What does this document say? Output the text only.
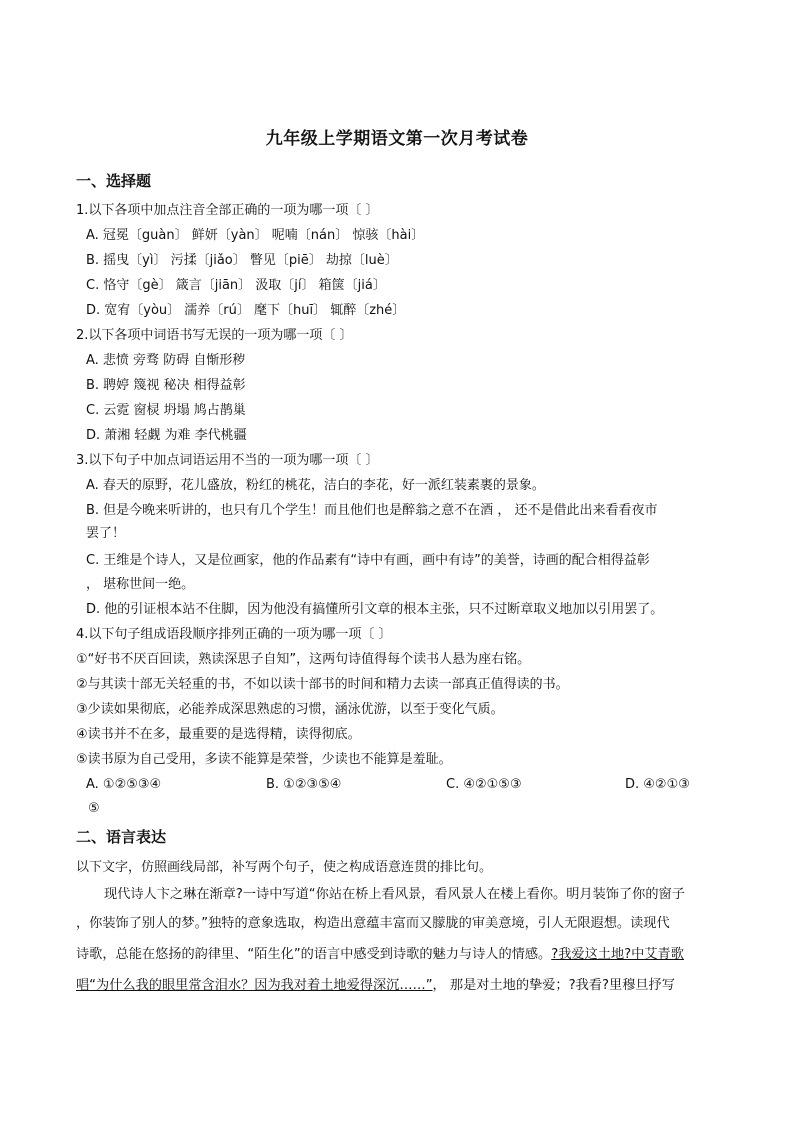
九年级上学期语文第一次月考试卷
一、选择题
1.以下各项中加点注音全部正确的一项为哪一项〔 〕
A. 冠冕〔guàn〕 鲜妍〔yàn〕 呢喃〔nán〕 惊骇〔hài〕
B. 摇曳〔yì〕 污揉〔jiǎo〕 瞥见〔piē〕 劫掠〔luè〕
C. 恪守〔gè〕 箴言〔jiān〕 汲取〔jí〕 箱箧〔jiá〕
D. 宽宥〔yòu〕 濡养〔rú〕 麾下〔huī〕 辄醉〔zhé〕
2.以下各项中词语书写无误的一项为哪一项〔 〕
A. 悲愤 旁骛 防碍 自惭形秽
B. 聘婷 篾视 秘决 相得益彰
C. 云霓 窗棂 坍塌 鸠占鹊巢
D. 萧湘 轻觑 为难 李代桃疆
3.以下句子中加点词语运用不当的一项为哪一项〔 〕
A. 春天的原野，花儿盛放，粉红的桃花，洁白的李花，好一派红装素裹的景象。
B. 但是今晚来听讲的，也只有几个学生！而且他们也是醉翁之意不在酒 ， 还不是借此出来看看夜市
罢了！
C. 王维是个诗人，又是位画家，他的作品素有“诗中有画，画中有诗”的美誉，诗画的配合相得益彰
， 堪称世间一绝。
D. 他的引证根本站不住脚，因为他没有搞懂所引文章的根本主张，只不过断章取义地加以引用罢了。
4.以下句子组成语段顺序排列正确的一项为哪一项〔 〕
①“好书不厌百回读，熟读深思子自知”，这两句诗值得每个读书人悬为座右铭。
②与其读十部无关轻重的书，不如以读十部书的时间和精力去读一部真正值得读的书。
③少读如果彻底，必能养成深思熟虑的习惯，涵泳优游，以至于变化气质。
④读书并不在多，最重要的是选得精，读得彻底。
⑤读书原为自己受用，多读不能算是荣誉，少读也不能算是羞耻。
A. ①②⑤③④	B. ①②③⑤④	C. ④②①⑤③	D. ④②①③
⑤
二、语言表达
以下文字，仿照画线局部，补写两个句子，使之构成语意连贯的排比句。
现代诗人卞之琳在渐章?一诗中写道“你站在桥上看风景，看风景人在楼上看你。明月装饰了你的窗子
，你装饰了别人的梦。”独特的意象选取，构造出意蕴丰富而又朦胧的审美意境，引人无限遐想。读现代
诗歌，总能在悠扬的韵律里、“陌生化”的语言中感受到诗歌的魅力与诗人的情感。?我爱这土地?中艾青歌
唱“为什么我的眼里常含泪水？因为我对着土地爱得深沉……”， 那是对土地的挚爱；?我看?里穆旦抒写
